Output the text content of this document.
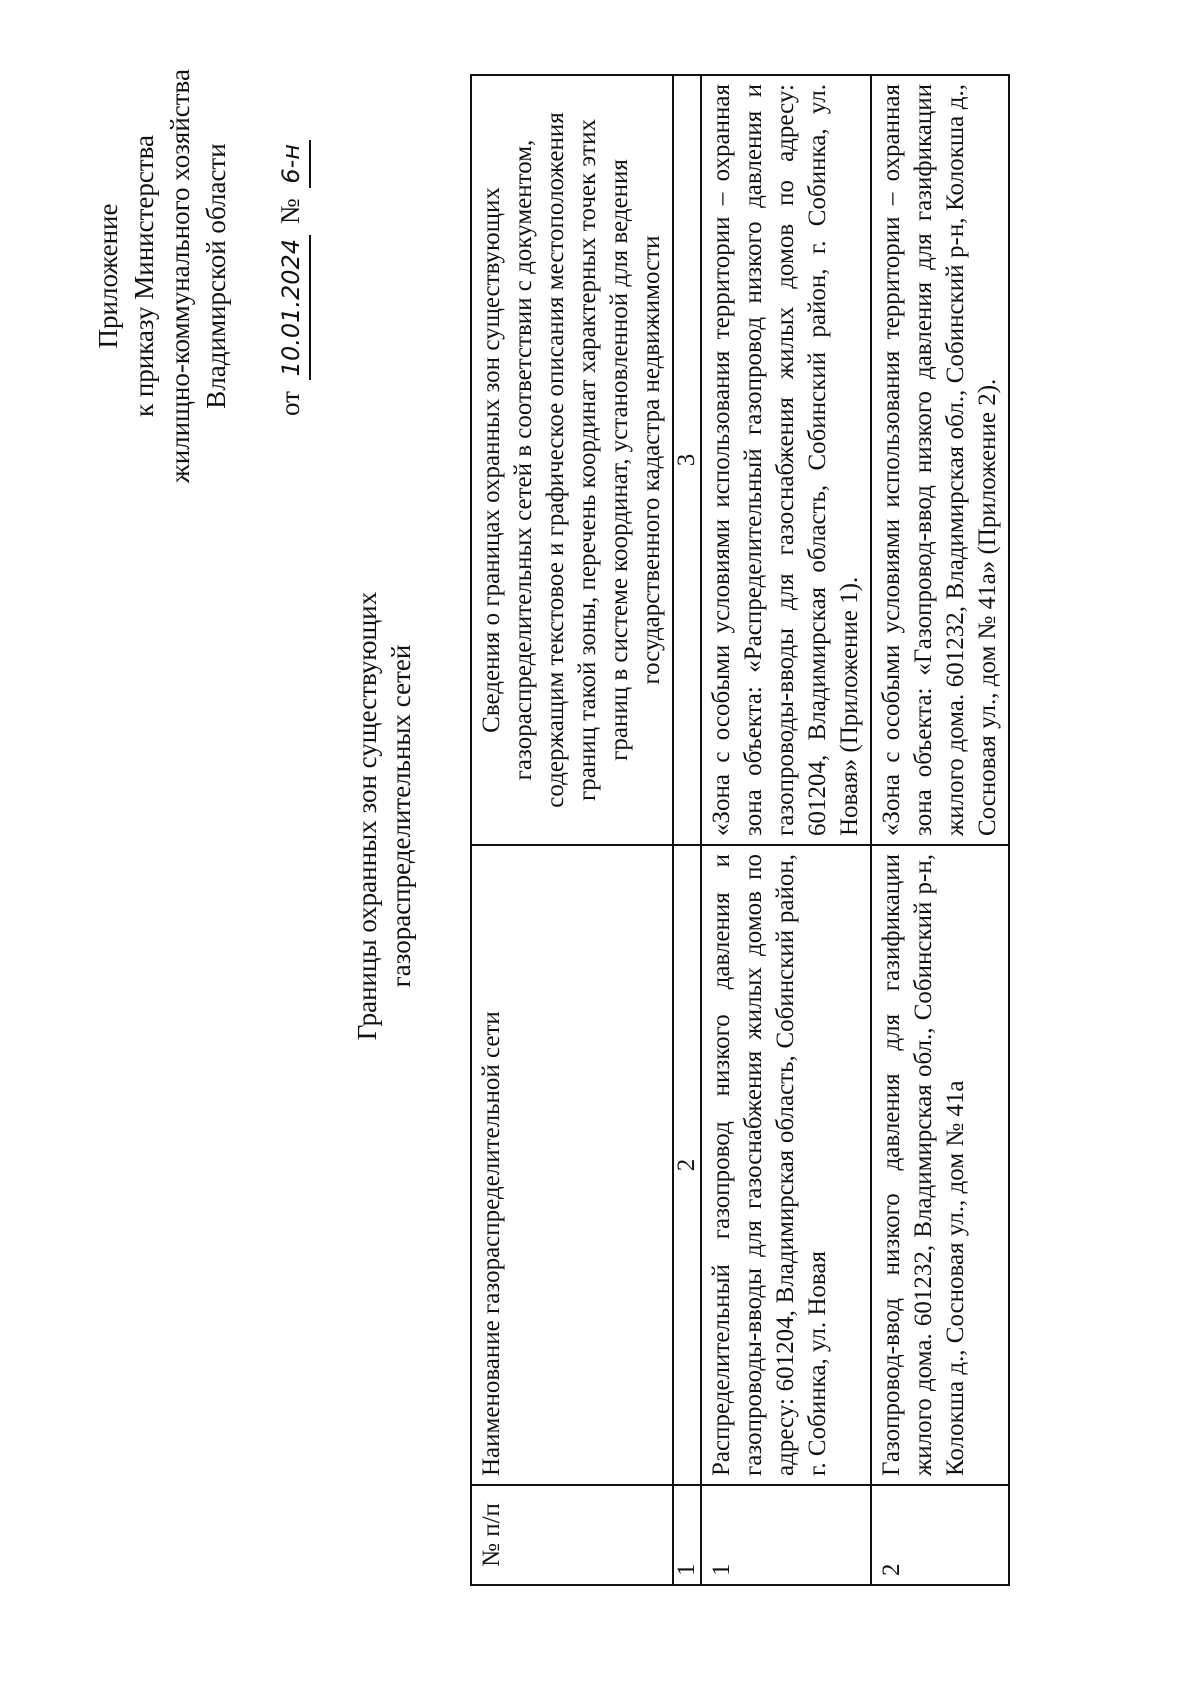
Приложение к приказу Министерства жилищно-коммунального хозяйства Владимирской области от 10.01.2024 № 6-н
Границы охранных зон существующих газораспределительных сетей
№ п/п	Наименование газораспределительной сети	Сведения о границах охранных зон существующих газораспределительных сетей в соответствии с документом, содержащим текстовое и графическое описания местоположения границ такой зоны, перечень координат характерных точек этих границ в системе координат, установленной для ведения государственного кадастра недвижимости
1	2	3
1	Распределительный газопровод низкого давления и газопроводы-вводы для газоснабжения жилых домов по адресу: 601204, Владимирская область, Собинский район, г. Собинка, ул. Новая	«Зона с особыми условиями использования территории – охранная зона объекта: «Распределительный газопровод низкого давления и газопроводы-вводы для газоснабжения жилых домов по адресу: 601204, Владимирская область, Собинский район, г. Собинка, ул. Новая» (Приложение 1).
2	Газопровод-ввод низкого давления для газификации жилого дома. 601232, Владимирская обл., Собинский р-н, Колокша д., Сосновая ул., дом № 41а	«Зона с особыми условиями использования территории – охранная зона объекта: «Газопровод-ввод низкого давления для газификации жилого дома. 601232, Владимирская обл., Собинский р-н, Колокша д., Сосновая ул., дом № 41а» (Приложение 2).
